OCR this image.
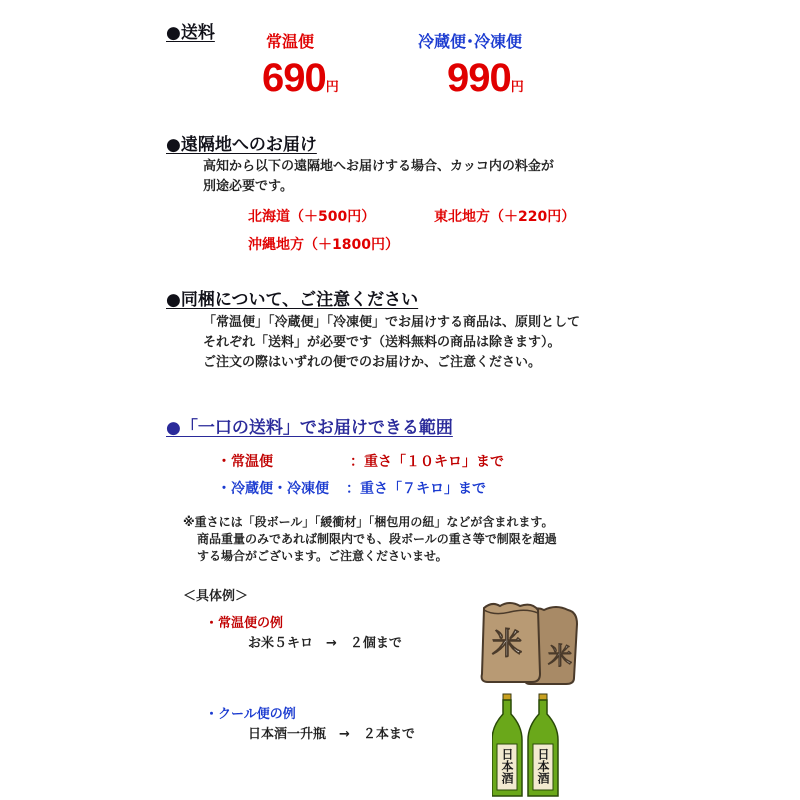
●送料	常温便	冷蔵便･冷凍便
690円	990円
●遠隔地へのお届け
高知から以下の遠隔地へお届けする場合、カッコ内の料金が
別途必要です。
北海道（＋500円）	東北地方（＋220円）
沖縄地方（＋1800円）
●同梱について、ご注意ください
「常温便」「冷蔵便」「冷凍便」でお届けする商品は、原則として
それぞれ「送料」が必要です（送料無料の商品は除きます）。
ご注文の際はいずれの便でのお届けか、ご注意ください。
●「一口の送料」でお届けできる範囲
・常温便	：重さ「１０キロ」まで
・冷蔵便・冷凍便 ：重さ「７キロ」まで
※重さには「段ボール」「緩衝材」「梱包用の紐」などが含まれます。
商品重量のみであれば制限内でも、段ボールの重さ等で制限を超過
する場合がございます。ご注意くださいませ。
＜具体例＞
・常温便の例
お米５キロ　→　２個まで
・クール便の例
日本酒一升瓶　→　２本まで
米
米
日本酒 日本酒
